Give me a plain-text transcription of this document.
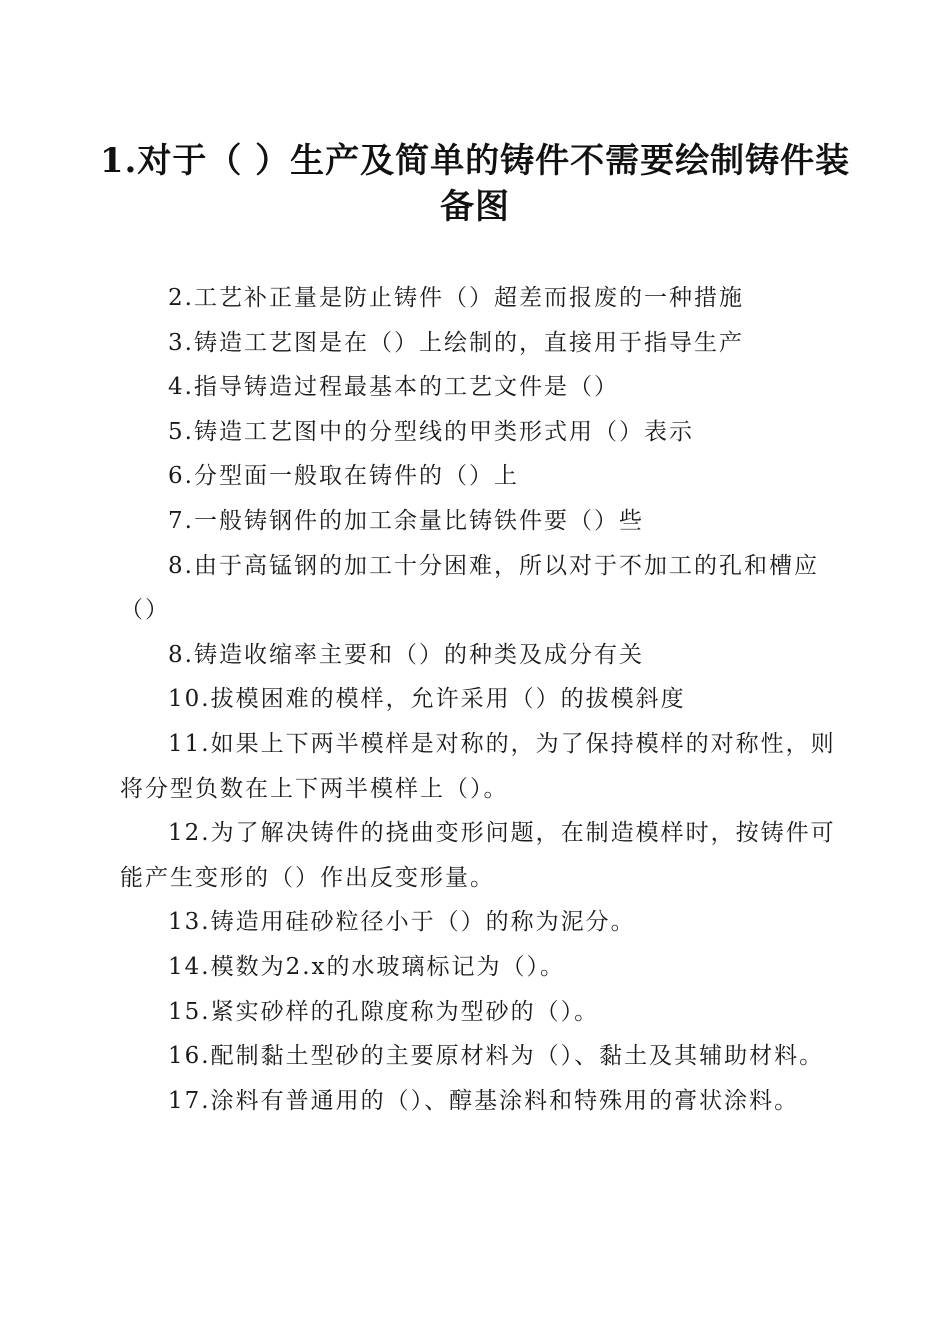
1.对于（ ）生产及简单的铸件不需要绘制铸件装备图

2.工艺补正量是防止铸件（）超差而报废的一种措施

3.铸造工艺图是在（）上绘制的，直接用于指导生产

4.指导铸造过程最基本的工艺文件是（）

5.铸造工艺图中的分型线的甲类形式用（）表示

6.分型面一般取在铸件的（）上

7.一般铸钢件的加工余量比铸铁件要（）些

8.由于高锰钢的加工十分困难，所以对于不加工的孔和槽应（）

8.铸造收缩率主要和（）的种类及成分有关

10.拔模困难的模样，允许采用（）的拔模斜度

11.如果上下两半模样是对称的，为了保持模样的对称性，则将分型负数在上下两半模样上（）。

12.为了解决铸件的挠曲变形问题，在制造模样时，按铸件可能产生变形的（）作出反变形量。

13.铸造用硅砂粒径小于（）的称为泥分。

14.模数为2.x的水玻璃标记为（）。

15.紧实砂样的孔隙度称为型砂的（）。

16.配制黏土型砂的主要原材料为（）、黏土及其辅助材料。

17.涂料有普通用的（）、醇基涂料和特殊用的膏状涂料。
